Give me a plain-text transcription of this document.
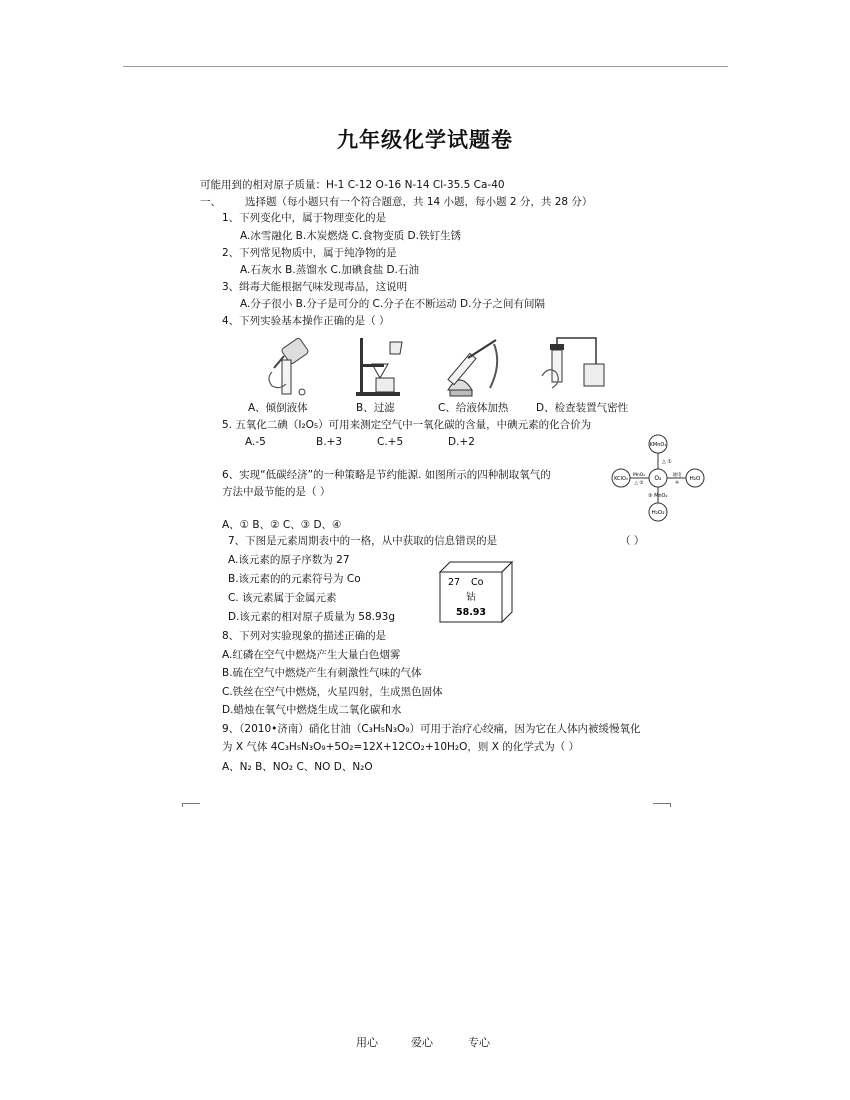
九年级化学试题卷
可能用到的相对原子质量：H-1 C-12 O-16 N-14 Cl-35.5 Ca-40
一、 选择题（每小题只有一个符合题意，共 14 小题，每小题 2 分，共 28 分）
1、下列变化中，属于物理变化的是
A.冰雪融化 B.木炭燃烧 C.食物变质 D.铁钉生锈
2、下列常见物质中，属于纯净物的是
A.石灰水 B.蒸馏水 C.加碘食盐 D.石油
3、缉毒犬能根据气味发现毒品，这说明
A.分子很小 B.分子是可分的 C.分子在不断运动 D.分子之间有间隔
4、下列实验基本操作正确的是（ ）
A、倾倒液体	B、过滤	C、给液体加热	D、检查装置气密性
5. 五氧化二碘（I₂O₅）可用来测定空气中一氧化碳的含量，中碘元素的化合价为
A.-5	B.+3	C.+5	D.+2
6、实现“低碳经济”的一种策略是节约能源. 如图所示的四种制取氧气的
方法中最节能的是（ ）
A、① B、② C、③ D、④
KMnO₄
O₂
KClO₃	H₂O
H₂O₂
△ ①
MnO₂
△ ②
通电
④
③ MnO₂
7、下图是元素周期表中的一格，从中获取的信息错误的是	（ ）
A.该元素的原子序数为 27
B.该元素的的元素符号为 Co
C. 该元素属于金属元素
D.该元素的相对原子质量为 58.93g
27 Co
钴
58.93
8、下列对实验现象的描述正确的是
A.红磷在空气中燃烧产生大量白色烟雾
B.硫在空气中燃烧产生有刺激性气味的气体
C.铁丝在空气中燃烧，火星四射，生成黑色固体
D.蜡烛在氧气中燃烧生成二氧化碳和水
9、（2010•济南）硝化甘油（C₃H₅N₃O₉）可用于治疗心绞痛，因为它在人体内被缓慢氧化
为 X 气体 4C₃H₅N₃O₉+5O₂=12X+12CO₂+10H₂O，则 X 的化学式为（ ）
A、N₂ B、NO₂ C、NO D、N₂O
用心	爱心	专心
